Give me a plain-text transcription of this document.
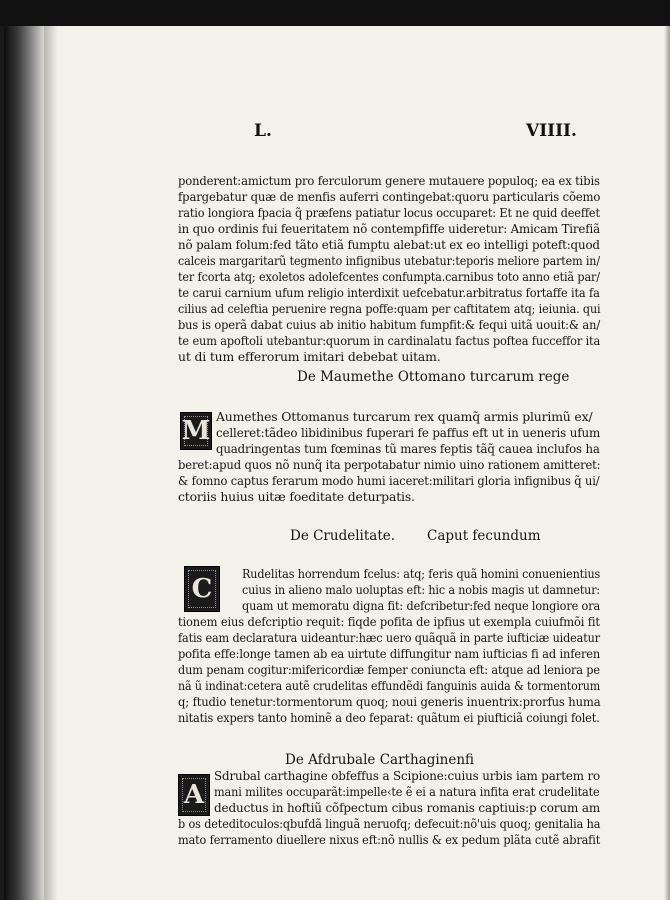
L.	VIIII.
ponderent:amictum pro ferculorum genere mutauere populoq; ea ex tibis
fpargebatur quæ de menfis auferri contingebat:quoru particularis cõemo
ratio longiora fpacia q̃ præfens patiatur locus occuparet: Et ne quid deeffet
in quo ordinis fui feueritatem nõ contempfiffe uideretur: Amicam Tirefiã
nõ palam folum:fed tãto etiã fumptu alebat:ut ex eo intelligi poteft:quod
calceis margaritarũ tegmento infignibus utebatur:teporis meliore partem in/
ter fcorta atq; exoletos adolefcentes confumpta.carnibus toto anno etiã par/
te carui carnium ufum religio interdixit uefcebatur.arbitratus fortaffe ita fa
cilius ad celeftia peruenire regna poffe:quam per caftitatem atq; ieiunia. qui
bus is operã dabat cuius ab initio habitum fumpfit:& fequi uitã uouit:& an/
te eum apoftoli utebantur:quorum in cardinalatu factus poftea fucceffor ita
ut di tum efferorum imitari debebat uitam.
De Maumethe Ottomano turcarum rege
M Aumethes Ottomanus turcarum rex quamq̃ armis plurimũ ex/
celleret:tãdeo libidinibus fuperari fe paffus eft ut in ueneris ufum
quadringentas tum fœminas tũ mares feptis tãq̃ cauea inclufos ha
beret:apud quos nõ nunq̃ ita perpotabatur nimio uino rationem amitteret:
& fomno captus ferarum modo humi iaceret:militari gloria infignibus q̃ ui/
ctoriis huius uitæ foeditate deturpatis.
De Crudelitate. Caput fecundum
C
Rudelitas horrendum fcelus: atq; feris quã homini conuenientius
cuius in alieno malo uoluptas eft: hic a nobis magis ut damnetur:
quam ut memoratu digna fit: defcribetur:fed neque longiore ora
tionem eius defcriptio requit: fiqde pofita de ipfius ut exempla cuiufmõi fit
fatis eam declaratura uideantur:hæc uero quãquã in parte iufticiæ uideatur
pofita effe:longe tamen ab ea uirtute diffungitur nam iufticias fi ad inferen
dum penam cogitur:mifericordiæ femper coniuncta eft: atque ad leniora pe
nã ũ indinat:cetera autẽ crudelitas effundẽdi fanguinis auida & tormentorum
q; ftudio tenetur:tormentorum quoq; noui generis inuentrix:prorfus huma
nitatis expers tanto hominẽ a deo feparat: quãtum ei piufticiã coiungi folet.
De Afdrubale Carthaginenfi
A
Sdrubal carthagine obfeffus a Scipione:cuius urbis iam partem ro
mani milites occuparãt:impelle‹te ẽ ei a natura infita erat crudelitate
deductus in hoftiũ cõfpectum cibus romanis captiuis:p corum am
b os deteditoculos:qbufdã linguã neruofq; defecuit:nõ'uis quoq; genitalia ha
mato ferramento diuellere nixus eft:nõ nullis & ex pedum plãta cutẽ abrafit
